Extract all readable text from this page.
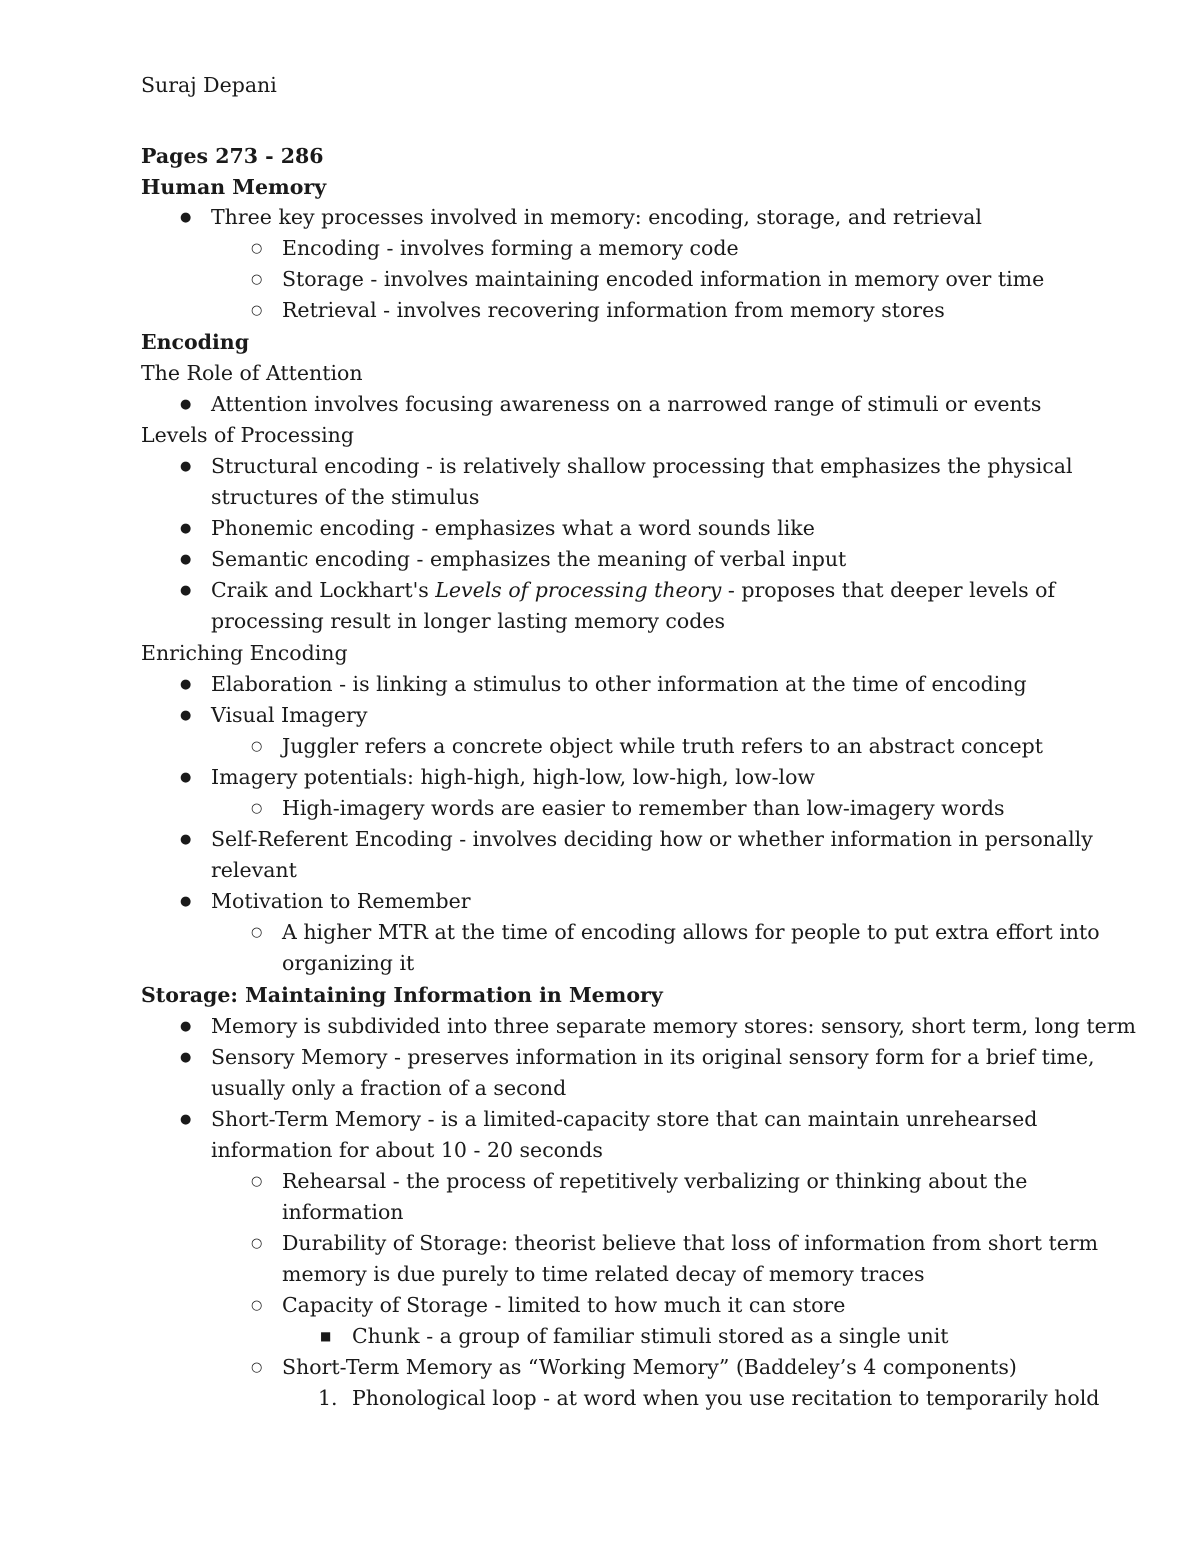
Suraj Depani
Pages 273 - 286
Human Memory
● Three key processes involved in memory: encoding, storage, and retrieval
○ Encoding - involves forming a memory code
○ Storage - involves maintaining encoded information in memory over time
○ Retrieval - involves recovering information from memory stores
Encoding
The Role of Attention
● Attention involves focusing awareness on a narrowed range of stimuli or events
Levels of Processing
● Structural encoding - is relatively shallow processing that emphasizes the physical
structures of the stimulus
● Phonemic encoding - emphasizes what a word sounds like
● Semantic encoding - emphasizes the meaning of verbal input
● Craik and Lockhart's Levels of processing theory - proposes that deeper levels of
processing result in longer lasting memory codes
Enriching Encoding
● Elaboration - is linking a stimulus to other information at the time of encoding
● Visual Imagery
○ Juggler refers a concrete object while truth refers to an abstract concept
● Imagery potentials: high-high, high-low, low-high, low-low
○ High-imagery words are easier to remember than low-imagery words
● Self-Referent Encoding - involves deciding how or whether information in personally
relevant
● Motivation to Remember
○ A higher MTR at the time of encoding allows for people to put extra effort into
organizing it
Storage: Maintaining Information in Memory
● Memory is subdivided into three separate memory stores: sensory, short term, long term
● Sensory Memory - preserves information in its original sensory form for a brief time,
usually only a fraction of a second
● Short-Term Memory - is a limited-capacity store that can maintain unrehearsed
information for about 10 - 20 seconds
○ Rehearsal - the process of repetitively verbalizing or thinking about the
information
○ Durability of Storage: theorist believe that loss of information from short term
memory is due purely to time related decay of memory traces
○ Capacity of Storage - limited to how much it can store
■ Chunk - a group of familiar stimuli stored as a single unit
○ Short-Term Memory as “Working Memory” (Baddeley’s 4 components)
1. Phonological loop - at word when you use recitation to temporarily hold
